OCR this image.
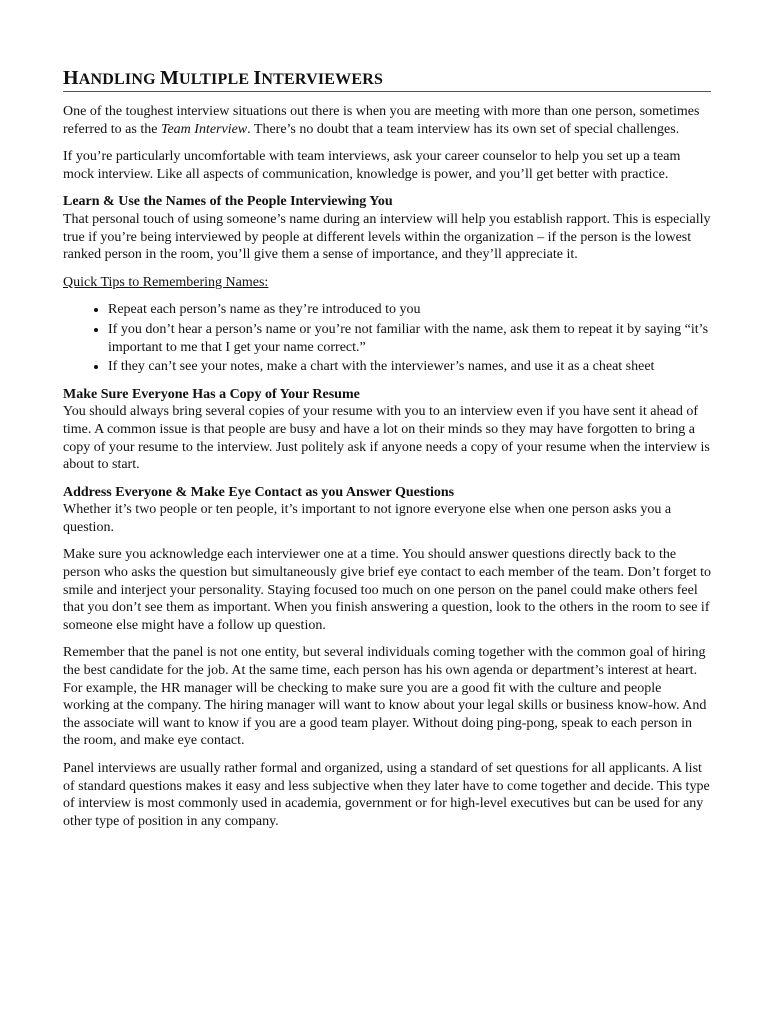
HANDLING MULTIPLE INTERVIEWERS

One of the toughest interview situations out there is when you are meeting with more than one person, sometimes referred to as the Team Interview. There’s no doubt that a team interview has its own set of special challenges.

If you’re particularly uncomfortable with team interviews, ask your career counselor to help you set up a team mock interview. Like all aspects of communication, knowledge is power, and you’ll get better with practice.

Learn & Use the Names of the People Interviewing You
That personal touch of using someone’s name during an interview will help you establish rapport. This is especially true if you’re being interviewed by people at different levels within the organization – if the person is the lowest ranked person in the room, you’ll give them a sense of importance, and they’ll appreciate it.

Quick Tips to Remembering Names:

• Repeat each person’s name as they’re introduced to you
• If you don’t hear a person’s name or you’re not familiar with the name, ask them to repeat it by saying “it’s important to me that I get your name correct.”
• If they can’t see your notes, make a chart with the interviewer’s names, and use it as a cheat sheet

Make Sure Everyone Has a Copy of Your Resume
You should always bring several copies of your resume with you to an interview even if you have sent it ahead of time. A common issue is that people are busy and have a lot on their minds so they may have forgotten to bring a copy of your resume to the interview. Just politely ask if anyone needs a copy of your resume when the interview is about to start.

Address Everyone & Make Eye Contact as you Answer Questions
Whether it’s two people or ten people, it’s important to not ignore everyone else when one person asks you a question.

Make sure you acknowledge each interviewer one at a time. You should answer questions directly back to the person who asks the question but simultaneously give brief eye contact to each member of the team. Don’t forget to smile and interject your personality. Staying focused too much on one person on the panel could make others feel that you don’t see them as important. When you finish answering a question, look to the others in the room to see if someone else might have a follow up question.

Remember that the panel is not one entity, but several individuals coming together with the common goal of hiring the best candidate for the job. At the same time, each person has his own agenda or department’s interest at heart. For example, the HR manager will be checking to make sure you are a good fit with the culture and people working at the company. The hiring manager will want to know about your legal skills or business know-how. And the associate will want to know if you are a good team player. Without doing ping-pong, speak to each person in the room, and make eye contact.

Panel interviews are usually rather formal and organized, using a standard of set questions for all applicants. A list of standard questions makes it easy and less subjective when they later have to come together and decide. This type of interview is most commonly used in academia, government or for high-level executives but can be used for any other type of position in any company.
